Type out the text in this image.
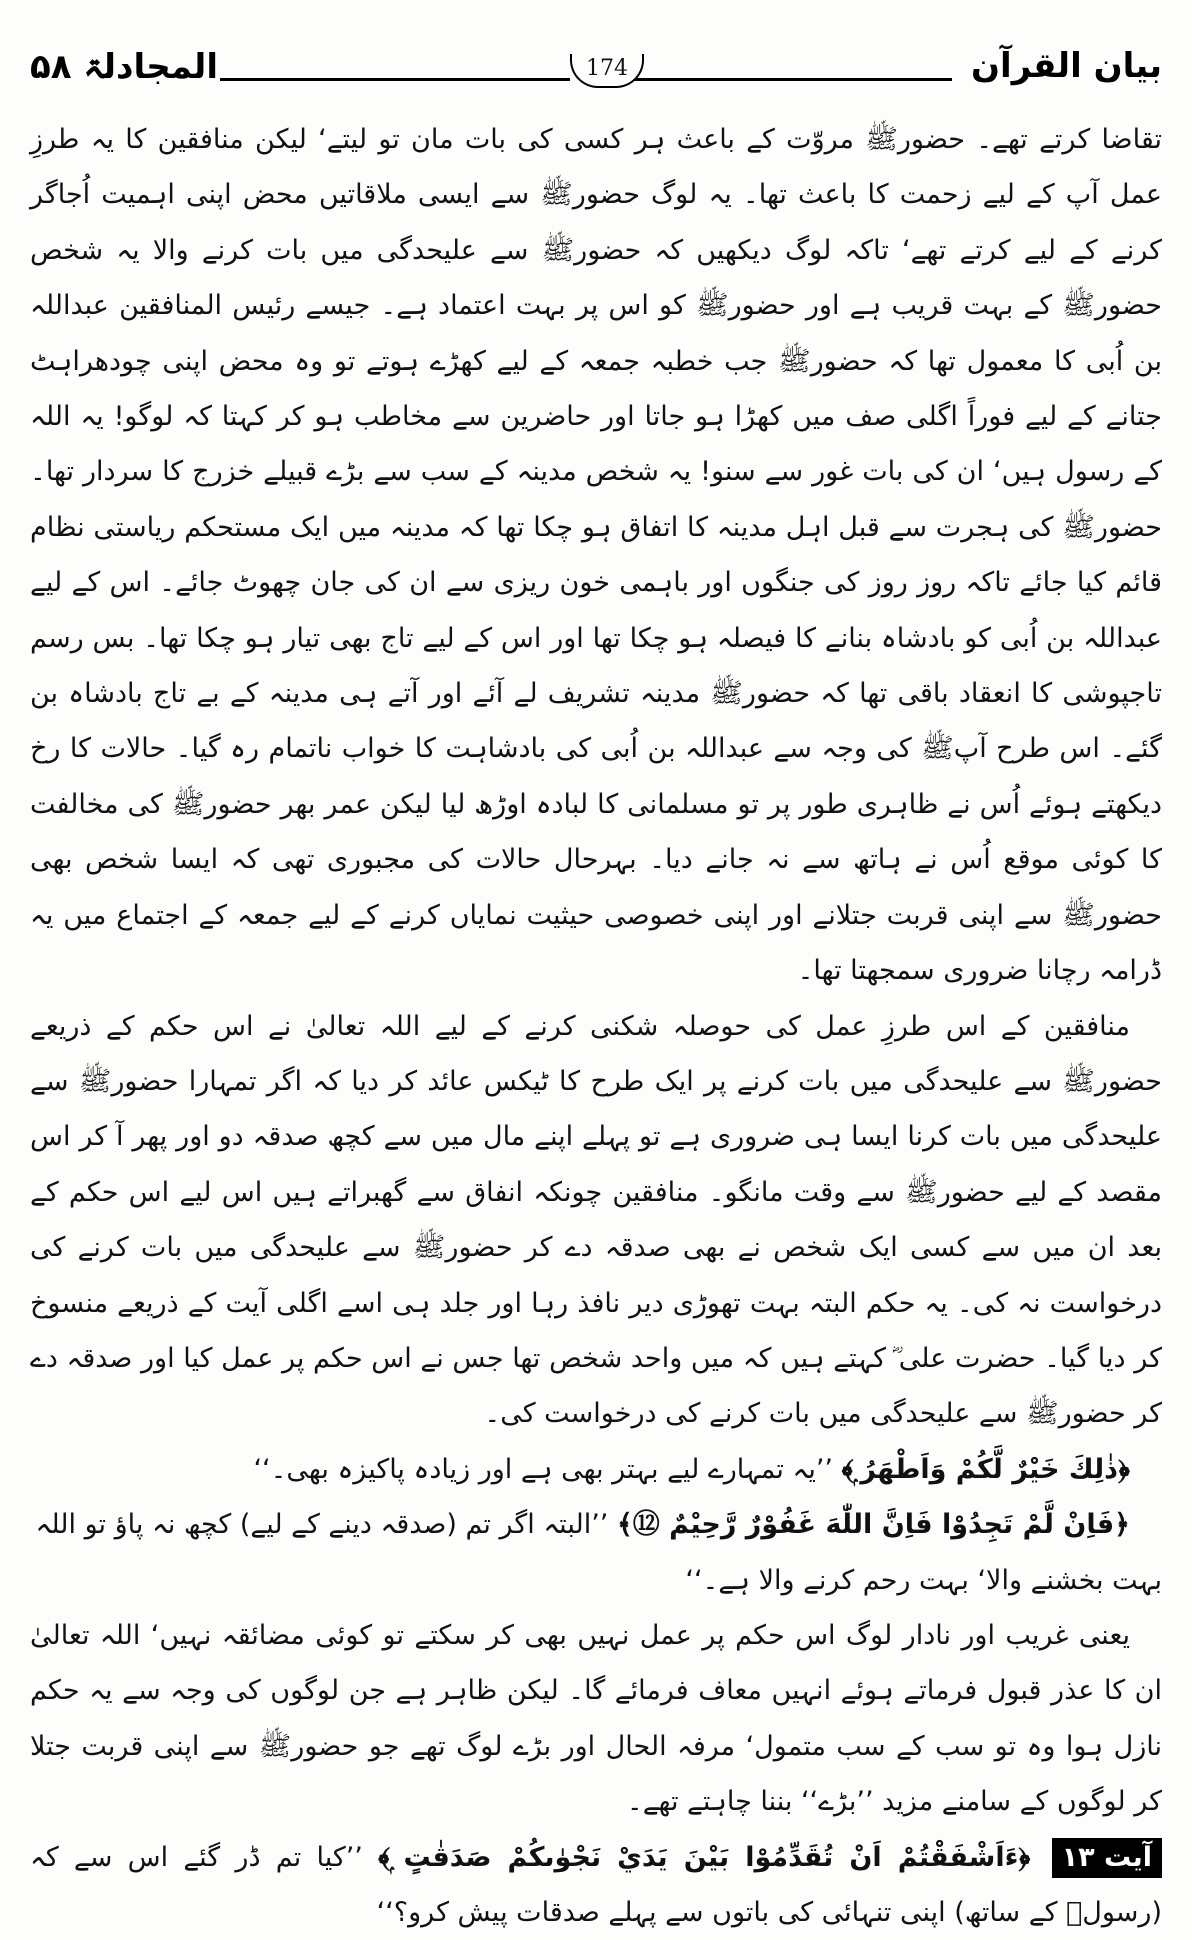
بیان القرآن
174
المجادلۃ ۵۸

تقاضا کرتے تھے۔ حضورﷺ مروّت کے باعث ہر کسی کی بات مان تو لیتے‘ لیکن منافقین کا یہ طرزِ عمل آپ کے لیے زحمت کا باعث تھا۔ یہ لوگ حضورﷺ سے ایسی ملاقاتیں محض اپنی اہمیت اُجاگر کرنے کے لیے کرتے تھے‘ تاکہ لوگ دیکھیں کہ حضورﷺ سے علیحدگی میں بات کرنے والا یہ شخص حضورﷺ کے بہت قریب ہے اور حضورﷺ کو اس پر بہت اعتماد ہے۔ جیسے رئیس المنافقین عبداللہ بن اُبی کا معمول تھا کہ حضورﷺ جب خطبہ جمعہ کے لیے کھڑے ہوتے تو وہ محض اپنی چودھراہٹ جتانے کے لیے فوراً اگلی صف میں کھڑا ہو جاتا اور حاضرین سے مخاطب ہو کر کہتا کہ لوگو! یہ اللہ کے رسول ہیں‘ ان کی بات غور سے سنو! یہ شخص مدینہ کے سب سے بڑے قبیلے خزرج کا سردار تھا۔ حضورﷺ کی ہجرت سے قبل اہل مدینہ کا اتفاق ہو چکا تھا کہ مدینہ میں ایک مستحکم ریاستی نظام قائم کیا جائے تاکہ روز روز کی جنگوں اور باہمی خون ریزی سے ان کی جان چھوٹ جائے۔ اس کے لیے عبداللہ بن اُبی کو بادشاہ بنانے کا فیصلہ ہو چکا تھا اور اس کے لیے تاج بھی تیار ہو چکا تھا۔ بس رسم تاجپوشی کا انعقاد باقی تھا کہ حضورﷺ مدینہ تشریف لے آئے اور آتے ہی مدینہ کے بے تاج بادشاہ بن گئے۔ اس طرح آپﷺ کی وجہ سے عبداللہ بن اُبی کی بادشاہت کا خواب ناتمام رہ گیا۔ حالات کا رخ دیکھتے ہوئے اُس نے ظاہری طور پر تو مسلمانی کا لبادہ اوڑھ لیا لیکن عمر بھر حضورﷺ کی مخالفت کا کوئی موقع اُس نے ہاتھ سے نہ جانے دیا۔ بہرحال حالات کی مجبوری تھی کہ ایسا شخص بھی حضورﷺ سے اپنی قربت جتلانے اور اپنی خصوصی حیثیت نمایاں کرنے کے لیے جمعہ کے اجتماع میں یہ ڈرامہ رچانا ضروری سمجھتا تھا۔

منافقین کے اس طرزِ عمل کی حوصلہ شکنی کرنے کے لیے اللہ تعالیٰ نے اس حکم کے ذریعے حضورﷺ سے علیحدگی میں بات کرنے پر ایک طرح کا ٹیکس عائد کر دیا کہ اگر تمہارا حضورﷺ سے علیحدگی میں بات کرنا ایسا ہی ضروری ہے تو پہلے اپنے مال میں سے کچھ صدقہ دو اور پھر آ کر اس مقصد کے لیے حضورﷺ سے وقت مانگو۔ منافقین چونکہ انفاق سے گھبراتے ہیں اس لیے اس حکم کے بعد ان میں سے کسی ایک شخص نے بھی صدقہ دے کر حضورﷺ سے علیحدگی میں بات کرنے کی درخواست نہ کی۔ یہ حکم البتہ بہت تھوڑی دیر نافذ رہا اور جلد ہی اسے اگلی آیت کے ذریعے منسوخ کر دیا گیا۔ حضرت علی ؓ کہتے ہیں کہ میں واحد شخص تھا جس نے اس حکم پر عمل کیا اور صدقہ دے کر حضورﷺ سے علیحدگی میں بات کرنے کی درخواست کی۔

﴿ذٰلِكَ خَيْرٌ لَّكُمْ وَاَطْهَرُ ۭ﴾ ’’یہ تمہارے لیے بہتر بھی ہے اور زیادہ پاکیزہ بھی۔‘‘

﴿فَاِنْ لَّمْ تَجِدُوْا فَاِنَّ اللّٰهَ غَفُوْرٌ رَّحِيْمٌ ⑫﴾ ’’البتہ اگر تم (صدقہ دینے کے لیے) کچھ نہ پاؤ تو اللہ بہت بخشنے والا‘ بہت رحم کرنے والا ہے۔‘‘

یعنی غریب اور نادار لوگ اس حکم پر عمل نہیں بھی کر سکتے تو کوئی مضائقہ نہیں‘ اللہ تعالیٰ ان کا عذر قبول فرماتے ہوئے انہیں معاف فرمائے گا۔ لیکن ظاہر ہے جن لوگوں کی وجہ سے یہ حکم نازل ہوا وہ تو سب کے سب متمول‘ مرفہ الحال اور بڑے لوگ تھے جو حضورﷺ سے اپنی قربت جتلا کر لوگوں کے سامنے مزید ’’بڑے‘‘ بننا چاہتے تھے۔

آیت ۱۳ ﴿ءَاَشْفَقْتُمْ اَنْ تُقَدِّمُوْا بَيْنَ يَدَيْ نَجْوٰىكُمْ صَدَقٰتٍ ۭ﴾ ’’کیا تم ڈر گئے اس سے کہ (رسولؐ کے ساتھ) اپنی تنہائی کی باتوں سے پہلے صدقات پیش کرو؟‘‘
